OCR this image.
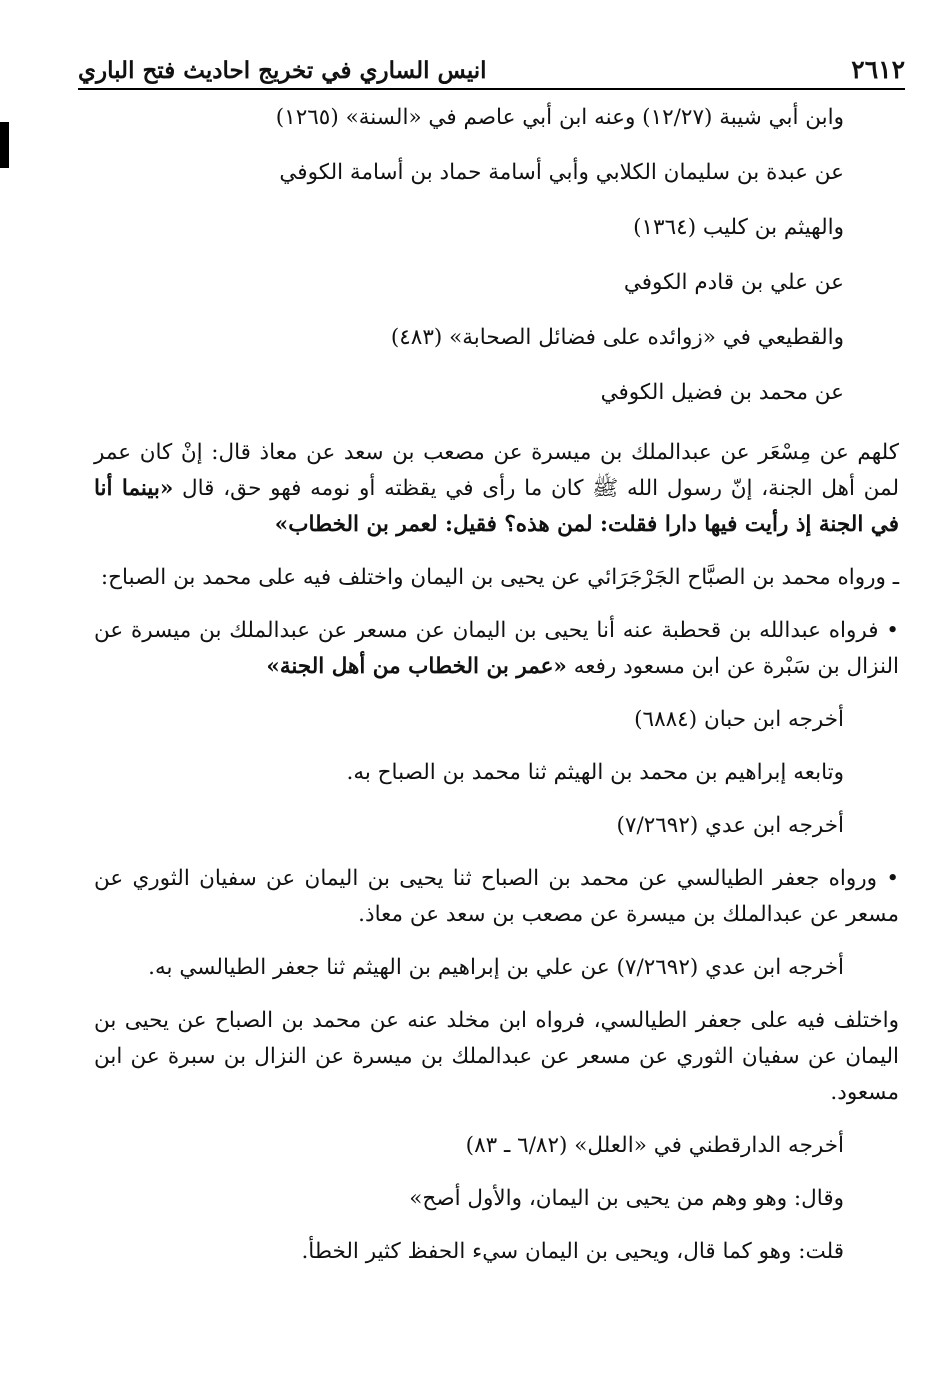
٢٦١٢
انيس الساري في تخريج احاديث فتح الباري

وابن أبي شيبة (١٢/٢٧) وعنه ابن أبي عاصم في «السنة» (١٢٦٥)

عن عبدة بن سليمان الكلابي وأبي أسامة حماد بن أسامة الكوفي

والهيثم بن كليب (١٣٦٤)

عن علي بن قادم الكوفي

والقطيعي في «زوائده على فضائل الصحابة» (٤٨٣)

عن محمد بن فضيل الكوفي

كلهم عن مِسْعَر عن عبدالملك بن ميسرة عن مصعب بن سعد عن معاذ قال: إنْ كان عمر لمن أهل الجنة، إنّ رسول الله ﷺ كان ما رأى في يقظته أو نومه فهو حق، قال «بينما أنا في الجنة إذ رأيت فيها دارا فقلت: لمن هذه؟ فقيل: لعمر بن الخطاب»

ـ ورواه محمد بن الصبَّاح الجَرْجَرَائي عن يحيى بن اليمان واختلف فيه على محمد بن الصباح:

• فرواه عبدالله بن قحطبة عنه أنا يحيى بن اليمان عن مسعر عن عبدالملك بن ميسرة عن النزال بن سَبْرة عن ابن مسعود رفعه «عمر بن الخطاب من أهل الجنة»

أخرجه ابن حبان (٦٨٨٤)

وتابعه إبراهيم بن محمد بن الهيثم ثنا محمد بن الصباح به.

أخرجه ابن عدي (٧/٢٦٩٢)

• ورواه جعفر الطيالسي عن محمد بن الصباح ثنا يحيى بن اليمان عن سفيان الثوري عن مسعر عن عبدالملك بن ميسرة عن مصعب بن سعد عن معاذ.

أخرجه ابن عدي (٧/٢٦٩٢) عن علي بن إبراهيم بن الهيثم ثنا جعفر الطيالسي به.

واختلف فيه على جعفر الطيالسي، فرواه ابن مخلد عنه عن محمد بن الصباح عن يحيى بن اليمان عن سفيان الثوري عن مسعر عن عبدالملك بن ميسرة عن النزال بن سبرة عن ابن مسعود.

أخرجه الدارقطني في «العلل» (٦/٨٢ ـ ٨٣)

وقال: وهو وهم من يحيى بن اليمان، والأول أصح»

قلت: وهو كما قال، ويحيى بن اليمان سيء الحفظ كثير الخطأ.
